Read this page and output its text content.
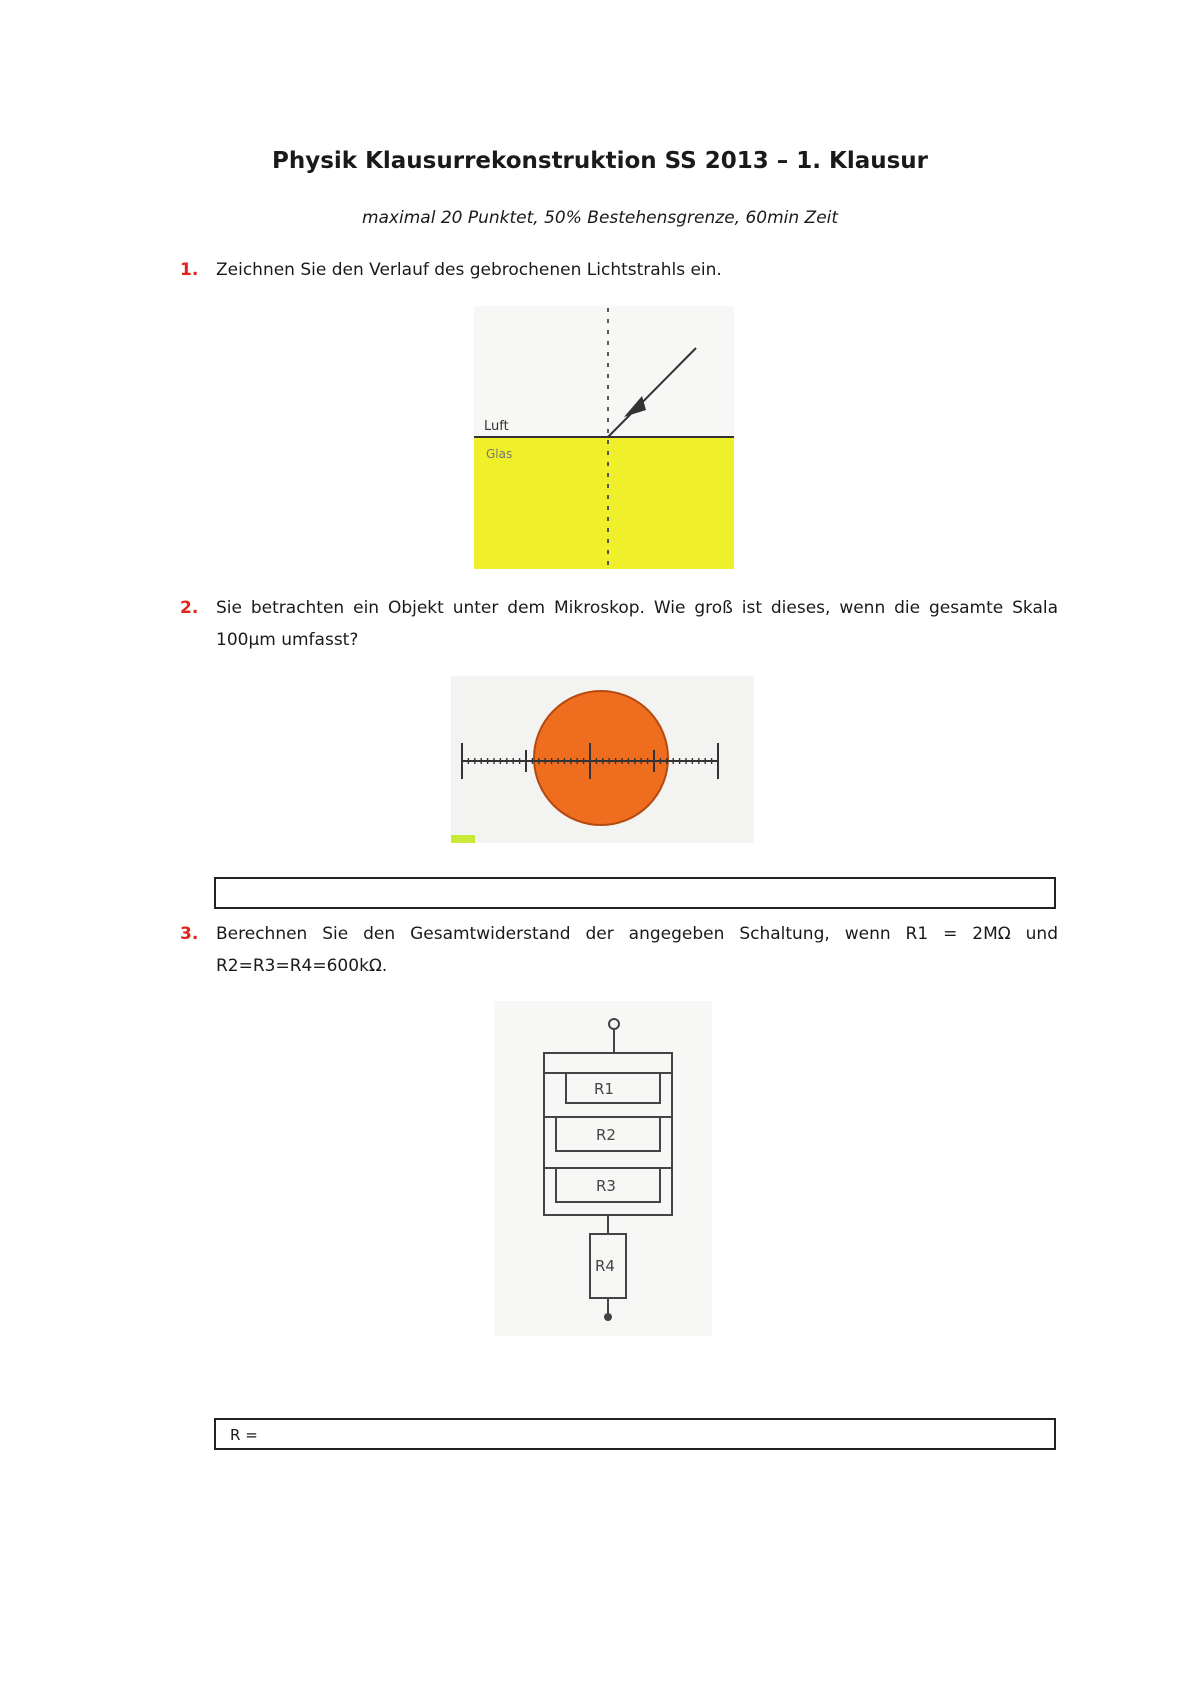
Physik Klausurrekonstruktion SS 2013 – 1. Klausur
maximal 20 Punktet, 50% Bestehensgrenze, 60min Zeit
1.	Zeichnen Sie den Verlauf des gebrochenen Lichtstrahls ein.
Luft
Glas
2.	Sie betrachten ein Objekt unter dem Mikroskop. Wie groß ist dieses, wenn die gesamte Skala 100µm umfasst?
3.	Berechnen Sie den Gesamtwiderstand der angegeben Schaltung, wenn R1 = 2MΩ und R2=R3=R4=600kΩ.
R1
R2
R3
R4
R =
